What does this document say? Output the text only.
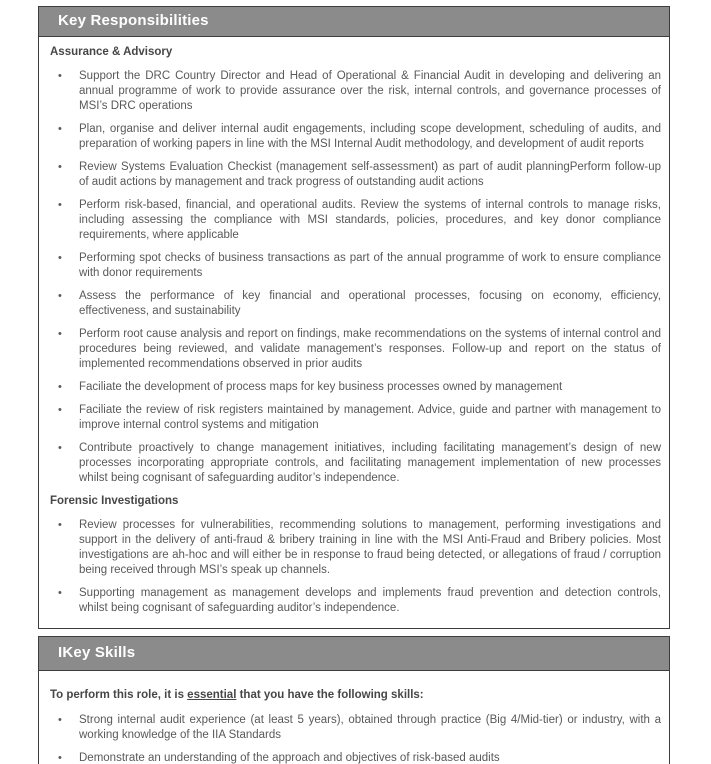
Key Responsibilities
Assurance & Advisory
• Support the DRC Country Director and Head of Operational & Financial Audit in developing and delivering an annual programme of work to provide assurance over the risk, internal controls, and governance processes of MSI’s DRC operations
• Plan, organise and deliver internal audit engagements, including scope development, scheduling of audits, and preparation of working papers in line with the MSI Internal Audit methodology, and development of audit reports
• Review Systems Evaluation Checkist (management self-assessment) as part of audit planningPerform follow-up of audit actions by management and track progress of outstanding audit actions
• Perform risk-based, financial, and operational audits. Review the systems of internal controls to manage risks, including assessing the compliance with MSI standards, policies, procedures, and key donor compliance requirements, where applicable
• Performing spot checks of business transactions as part of the annual programme of work to ensure compliance with donor requirements
• Assess the performance of key financial and operational processes, focusing on economy, efficiency, effectiveness, and sustainability
• Perform root cause analysis and report on findings, make recommendations on the systems of internal control and procedures being reviewed, and validate management’s responses. Follow-up and report on the status of implemented recommendations observed in prior audits
• Faciliate the development of process maps for key business processes owned by management
• Faciliate the review of risk registers maintained by management. Advice, guide and partner with management to improve internal control systems and mitigation
• Contribute proactively to change management initiatives, including facilitating management’s design of new processes incorporating appropriate controls, and facilitating management implementation of new processes whilst being cognisant of safeguarding auditor’s independence.
Forensic Investigations
• Review processes for vulnerabilities, recommending solutions to management, performing investigations and support in the delivery of anti-fraud & bribery training in line with the MSI Anti-Fraud and Bribery policies. Most investigations are ah-hoc and will either be in response to fraud being detected, or allegations of fraud / corruption being received through MSI’s speak up channels.
• Supporting management as management develops and implements fraud prevention and detection controls, whilst being cognisant of safeguarding auditor’s independence.
IKey Skills
To perform this role, it is essential that you have the following skills:
• Strong internal audit experience (at least 5 years), obtained through practice (Big 4/Mid-tier) or industry, with a working knowledge of the IIA Standards
• Demonstrate an understanding of the approach and objectives of risk-based audits
